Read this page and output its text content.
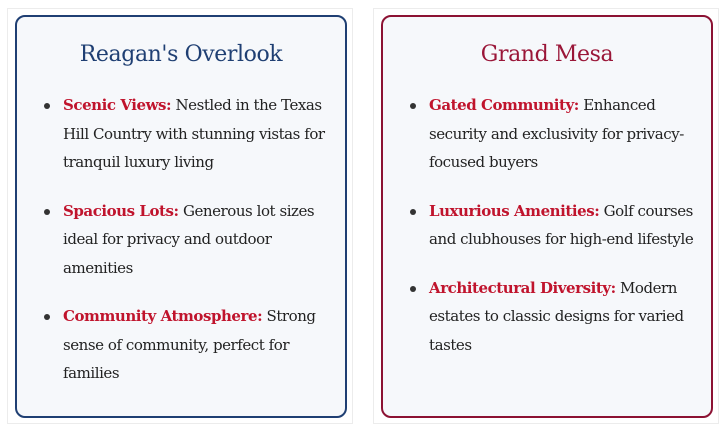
Reagan's Overlook
Scenic Views: Nestled in the Texas Hill Country with stunning vistas for tranquil luxury living
Spacious Lots: Generous lot sizes ideal for privacy and outdoor amenities
Community Atmosphere: Strong sense of community, perfect for families
Grand Mesa
Gated Community: Enhanced security and exclusivity for privacy-focused buyers
Luxurious Amenities: Golf courses and clubhouses for high-end lifestyle
Architectural Diversity: Modern estates to classic designs for varied tastes
